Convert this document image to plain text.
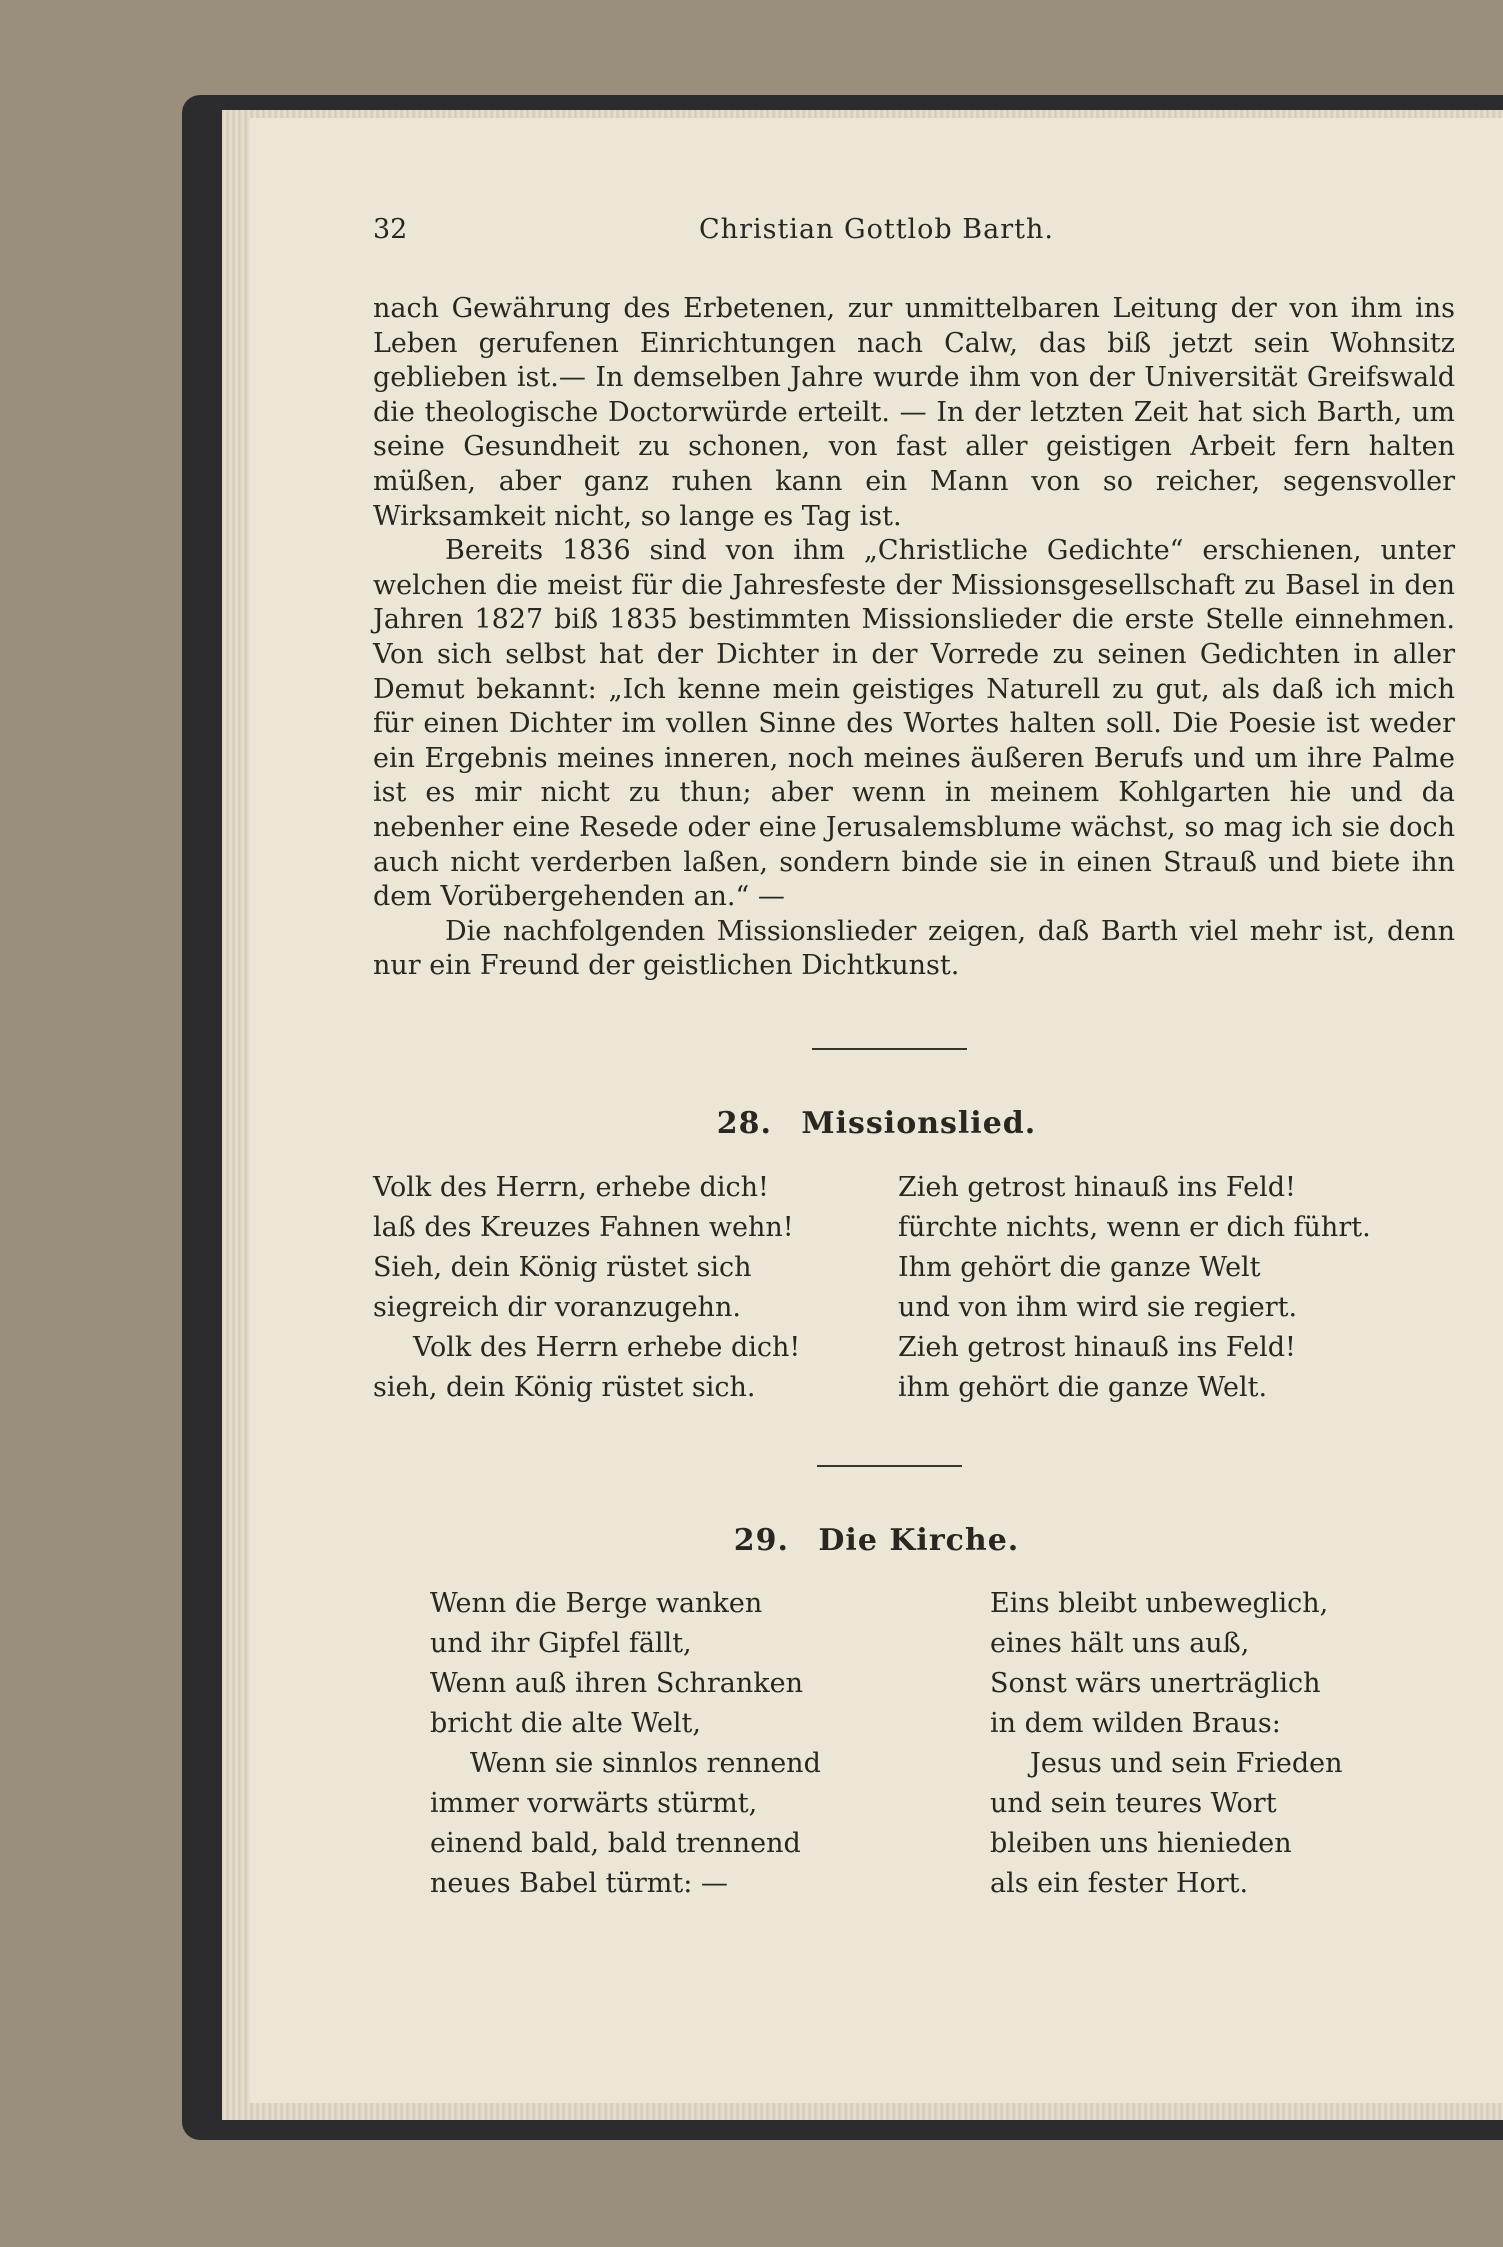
32	Christian Gottlob Barth.

nach Gewährung des Erbetenen, zur unmittelbaren Leitung der von ihm ins Leben gerufenen Einrichtungen nach Calw, das biß jetzt sein Wohnsitz geblieben ist.— In demselben Jahre wurde ihm von der Universität Greifswald die theologische Doctorwürde erteilt. — In der letzten Zeit hat sich Barth, um seine Gesundheit zu schonen, von fast aller geistigen Arbeit fern halten müßen, aber ganz ruhen kann ein Mann von so reicher, segensvoller Wirksamkeit nicht, so lange es Tag ist.

Bereits 1836 sind von ihm „Christliche Gedichte“ erschienen, unter welchen die meist für die Jahresfeste der Missionsgesellschaft zu Basel in den Jahren 1827 biß 1835 bestimmten Missionslieder die erste Stelle einnehmen. Von sich selbst hat der Dichter in der Vorrede zu seinen Gedichten in aller Demut bekannt: „Ich kenne mein geistiges Naturell zu gut, als daß ich mich für einen Dichter im vollen Sinne des Wortes halten soll. Die Poesie ist weder ein Ergebnis meines inneren, noch meines äußeren Berufs und um ihre Palme ist es mir nicht zu thun; aber wenn in meinem Kohlgarten hie und da nebenher eine Resede oder eine Jerusalemsblume wächst, so mag ich sie doch auch nicht verderben laßen, sondern binde sie in einen Strauß und biete ihn dem Vorübergehenden an.“ —

Die nachfolgenden Missionslieder zeigen, daß Barth viel mehr ist, denn nur ein Freund der geistlichen Dichtkunst.

28. Missionslied.
Volk des Herrn, erhebe dich!
laß des Kreuzes Fahnen wehn!
Sieh, dein König rüstet sich
siegreich dir voranzugehn.
Volk des Herrn erhebe dich!
sieh, dein König rüstet sich.
Zieh getrost hinauß ins Feld!
fürchte nichts, wenn er dich führt.
Ihm gehört die ganze Welt
und von ihm wird sie regiert.
Zieh getrost hinauß ins Feld!
ihm gehört die ganze Welt.
29. Die Kirche.
Wenn die Berge wanken
und ihr Gipfel fällt,
Wenn auß ihren Schranken
bricht die alte Welt,
Wenn sie sinnlos rennend
immer vorwärts stürmt,
einend bald, bald trennend
neues Babel türmt: —
Eins bleibt unbeweglich,
eines hält uns auß,
Sonst wärs unerträglich
in dem wilden Braus:
Jesus und sein Frieden
und sein teures Wort
bleiben uns hienieden
als ein fester Hort.
